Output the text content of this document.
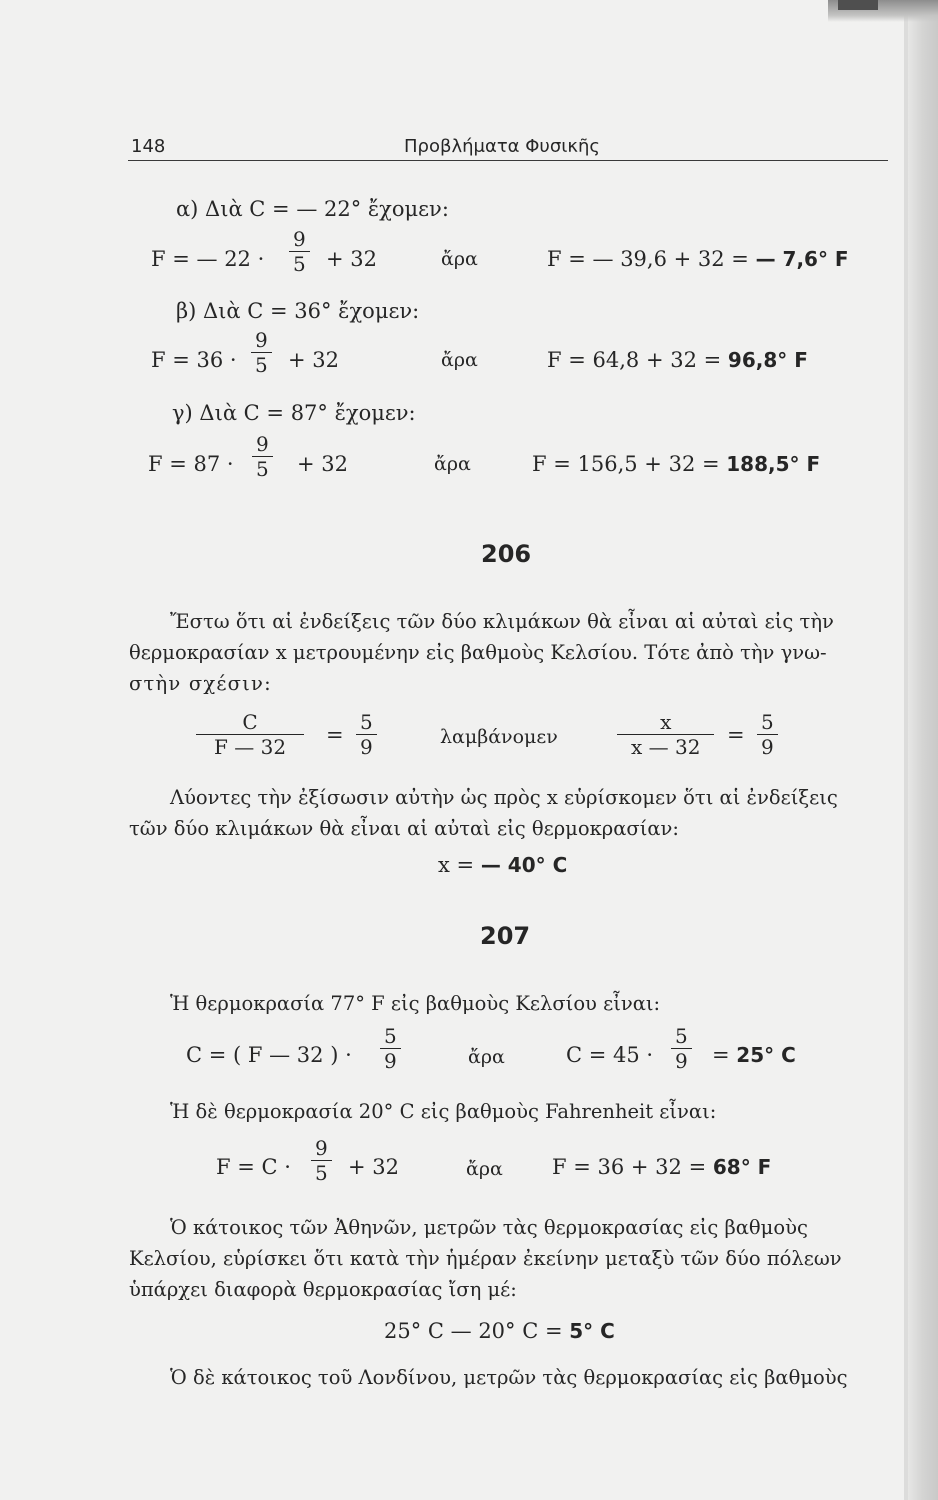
148	Προβλήματα Φυσικῆς
α) Διὰ C = — 22° ἔχομεν:
F = — $22 \cdot \frac{9}{5} + 32$	ἄρα	F = — 39,6 + 32 = — 7,6° F
β) Διὰ C = 36° ἔχομεν:
$F = 36 \cdot \frac{9}{5} + 32$	ἄρα	F = 64,8 + 32 = 96,8° F
γ) Διὰ C = 87° ἔχομεν:
$F = 87 \cdot \frac{9}{5} + 32$	ἄρα	F = 156,5 + 32 = 188,5° F
206
Ἔστω ὅτι αἱ ἐνδείξεις τῶν δύο κλιμάκων θὰ εἶναι αἱ αὐταὶ εἰς τὴν
θερμοκρασίαν x μετρουμένην εἰς βαθμοὺς Κελσίου. Τότε ἀπὸ τὴν γνω-
στὴν σχέσιν:
$\frac{C}{F — 32} = \frac{5}{9}$	λαμβάνομεν	$\frac{x}{x — 32} = \frac{5}{9}$
Λύοντες τὴν ἐξίσωσιν αὐτὴν ὡς πρὸς x εὑρίσκομεν ὅτι αἱ ἐνδείξεις
τῶν δύο κλιμάκων θὰ εἶναι αἱ αὐταὶ εἰς θερμοκρασίαν:
x = — 40° C
207
Ἡ θερμοκρασία 77° F εἰς βαθμοὺς Κελσίου εἶναι:
C = ( F — 32 ) · $\frac{5}{9}$	ἄρα	$C = 45 \cdot \frac{5}{9} = 25^\circ$ C
Ἡ δὲ θερμοκρασία 20° C εἰς βαθμοὺς Fahrenheit εἶναι:
$F = C \cdot \frac{9}{5} + 32$	ἄρα F = 36 + 32 = 68° F
Ὁ κάτοικος τῶν Ἀθηνῶν, μετρῶν τὰς θερμοκρασίας εἰς βαθμοὺς
Κελσίου, εὑρίσκει ὅτι κατὰ τὴν ἡμέραν ἐκείνην μεταξὺ τῶν δύο πόλεων
ὑπάρχει διαφορὰ θερμοκρασίας ἴση μέ:
25° C — 20° C = 5° C
Ὁ δὲ κάτοικος τοῦ Λονδίνου, μετρῶν τὰς θερμοκρασίας εἰς βαθμοὺς
